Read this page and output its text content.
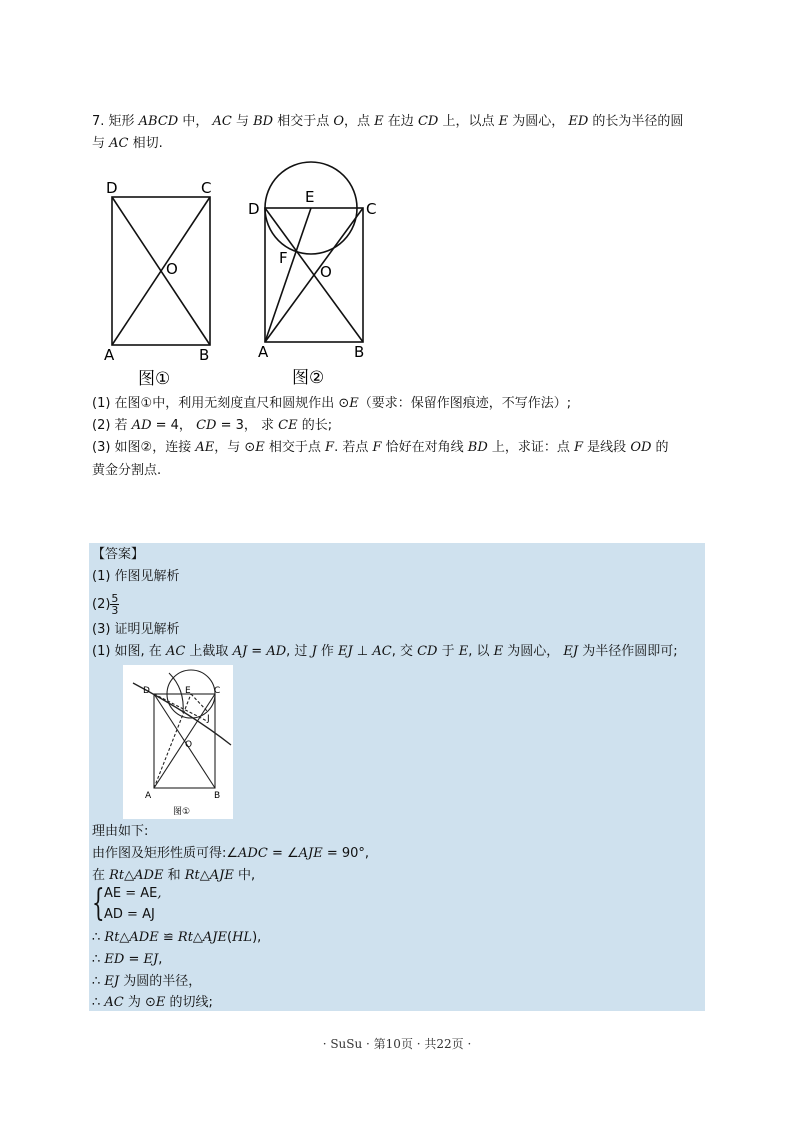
7. 矩形 ABCD 中， AC 与 BD 相交于点 O，点 E 在边 CD 上，以点 E 为圆心， ED 的长为半径的圆
与 AC 相切.
D	C
O
A	B
图①
E
D	C
F
O
A	B
图②
(1) 在图①中，利用无刻度直尺和圆规作出 ⊙E（要求：保留作图痕迹，不写作法）;
(2) 若 AD = 4， CD = 3， 求 CE 的长;
(3) 如图②，连接 AE，与 ⊙E 相交于点 F. 若点 F 恰好在对角线 BD 上，求证：点 F 是线段 OD 的
黄金分割点.
【答案】
(1) 作图见解析
$(2) \frac{5}{3}$
(3) 证明见解析
(1) 如图, 在 AC 上截取 AJ = AD, 过 J 作 EJ ⊥ AC, 交 CD 于 E, 以 E 为圆心， EJ 为半径作圆即可;
D	E	C
J
O
A	B
图①
理由如下:
由作图及矩形性质可得:∠ADC = ∠AJE = 90°,
在 Rt△ADE 和 Rt△AJE 中,
{ AE = AE,
AD = AJ
∴ Rt△ADE ≌ Rt△AJE(HL),
∴ ED = EJ,
∴ EJ 为圆的半径，
∴ AC 为 ⊙E 的切线;
· SuSu · 第10页 · 共22页 ·
